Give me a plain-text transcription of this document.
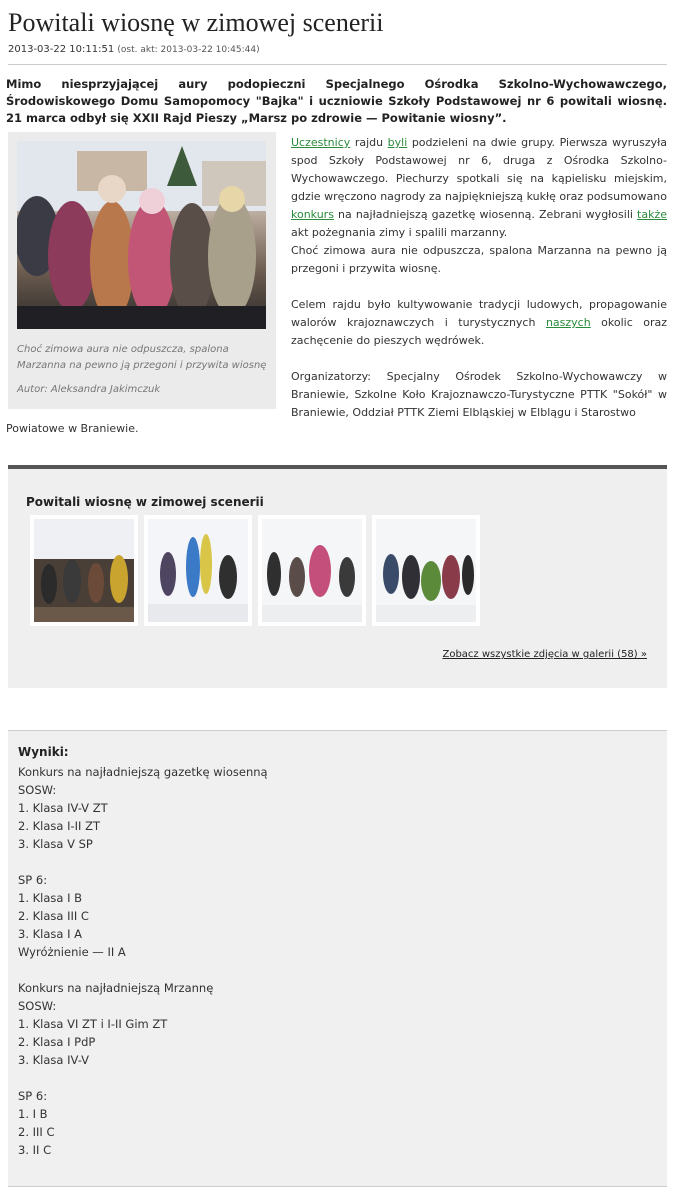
Powitali wiosnę w zimowej scenerii
2013-03-22 10:11:51 (ost. akt: 2013-03-22 10:45:44)

Mimo niesprzyjającej aury podopieczni Specjalnego Ośrodka Szkolno-Wychowawczego, Środowiskowego Domu Samopomocy "Bajka" i uczniowie Szkoły Podstawowej nr 6 powitali wiosnę. 21 marca odbył się XXII Rajd Pieszy „Marsz po zdrowie — Powitanie wiosny”.

Choć zimowa aura nie odpuszcza, spalona Marzanna na pewno ją przegoni i przywita wiosnę
Autor: Aleksandra Jakimczuk

Uczestnicy rajdu byli podzieleni na dwie grupy. Pierwsza wyruszyła spod Szkoły Podstawowej nr 6, druga z Ośrodka Szkolno-Wychowawczego. Piechurzy spotkali się na kąpielisku miejskim, gdzie wręczono nagrody za najpiękniejszą kukłę oraz podsumowano konkurs na najładniejszą gazetkę wiosenną. Zebrani wygłosili także akt pożegnania zimy i spalili marzanny.

Choć zimowa aura nie odpuszcza, spalona Marzanna na pewno ją przegoni i przywita wiosnę.

Celem rajdu było kultywowanie tradycji ludowych, propagowanie walorów krajoznawczych i turystycznych naszych okolic oraz zachęcenie do pieszych wędrówek.

Organizatorzy: Specjalny Ośrodek Szkolno-Wychowawczy w Braniewie, Szkolne Koło Krajoznawczo-Turystyczne PTTK "Sokół" w Braniewie, Oddział PTTK Ziemi Elbląskiej w Elblągu i Starostwo

Powiatowe w Braniewie.
Powitali wiosnę w zimowej scenerii
Zobacz wszystkie zdjęcia w galerii (58) »
Wyniki:
Konkurs na najładniejszą gazetkę wiosenną
SOSW:
1. Klasa IV-V ZT
2. Klasa I-II ZT
3. Klasa V SP
SP 6:
1. Klasa I B
2. Klasa III C
3. Klasa I A
Wyróżnienie — II A
Konkurs na najładniejszą Mrzannę
SOSW:
1. Klasa VI ZT i I-II Gim ZT
2. Klasa I PdP
3. Klasa IV-V
SP 6:
1. I B
2. III C
3. II C
